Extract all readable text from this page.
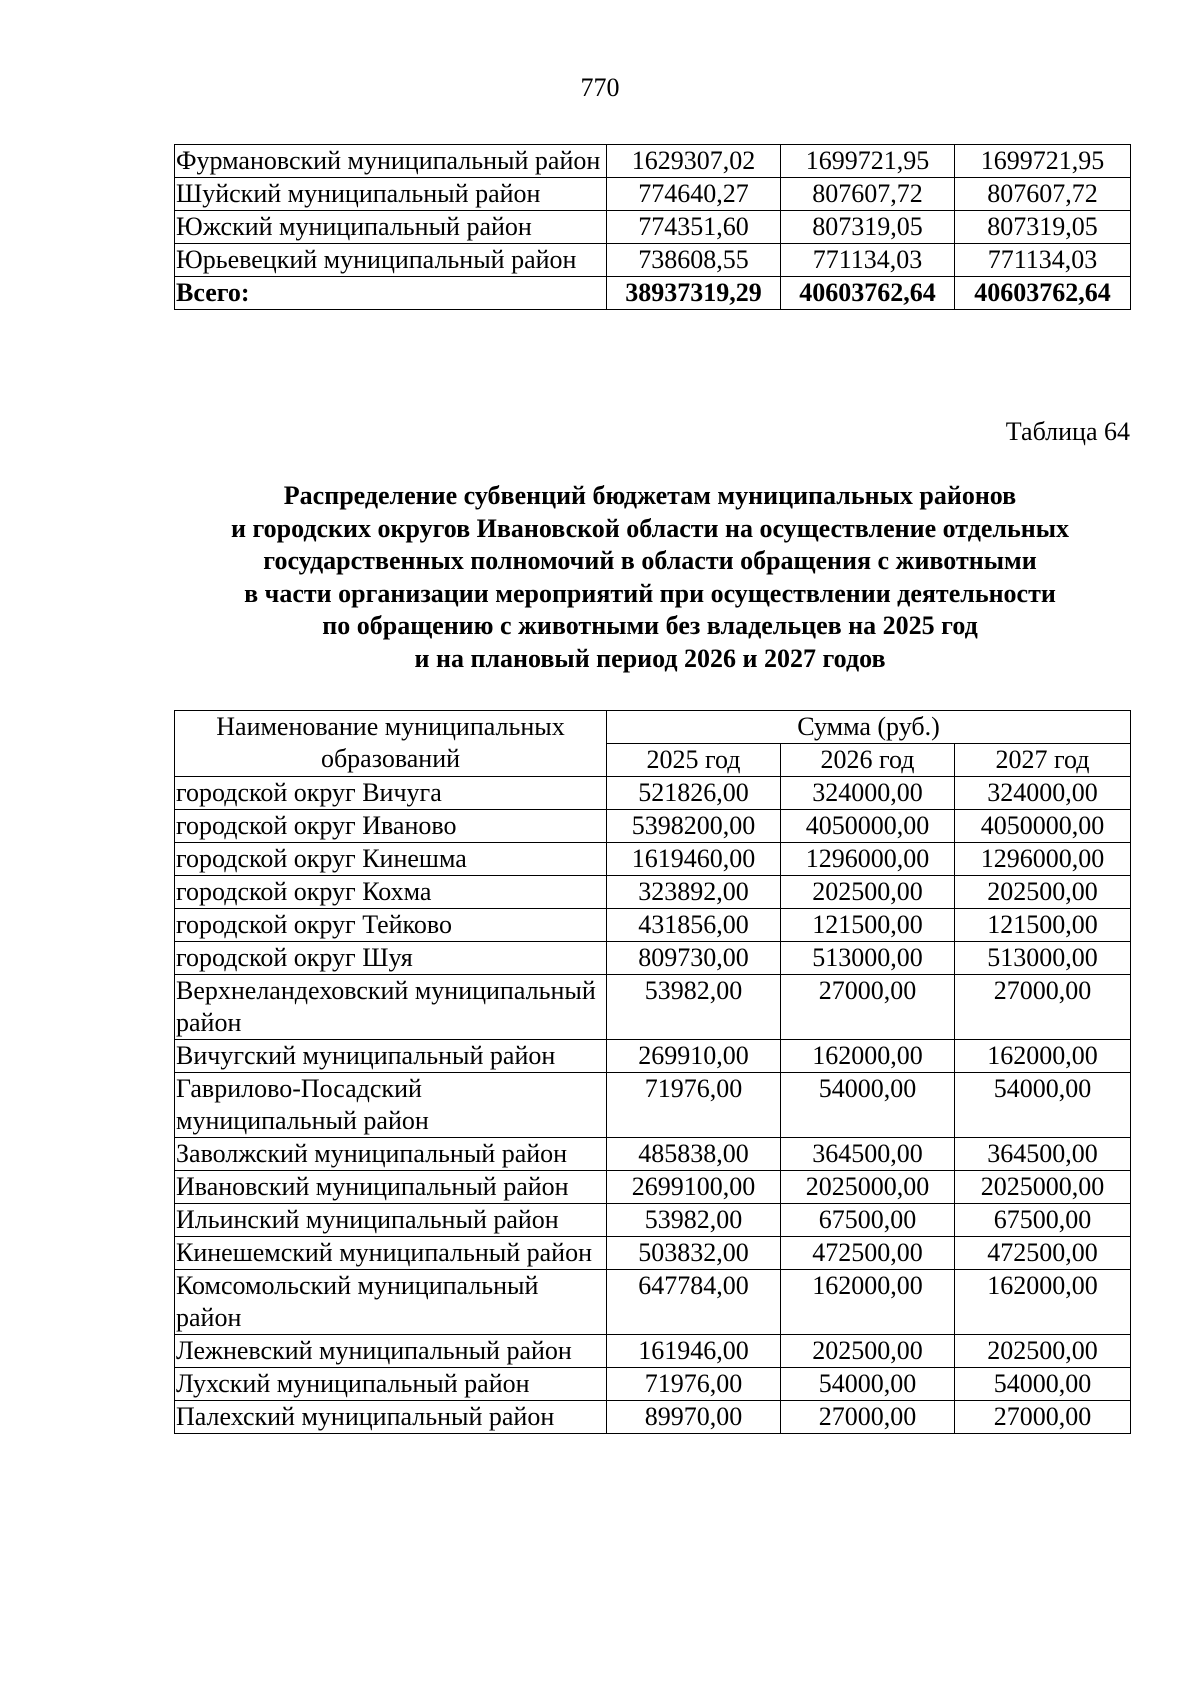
770
Фурмановский муниципальный район	1629307,02	1699721,95	1699721,95
Шуйский муниципальный район	774640,27	807607,72	807607,72
Южский муниципальный район	774351,60	807319,05	807319,05
Юрьевецкий муниципальный район	738608,55	771134,03	771134,03
Всего:	38937319,29	40603762,64	40603762,64
Таблица 64
Распределение субвенций бюджетам муниципальных районов
и городских округов Ивановской области на осуществление отдельных
государственных полномочий в области обращения с животными
в части организации мероприятий при осуществлении деятельности
по обращению с животными без владельцев на 2025 год
и на плановый период 2026 и 2027 годов
Наименование муниципальных образований	Сумма (руб.)		
	2025 год	2026 год	2027 год
городской округ Вичуга	521826,00	324000,00	324000,00
городской округ Иваново	5398200,00	4050000,00	4050000,00
городской округ Кинешма	1619460,00	1296000,00	1296000,00
городской округ Кохма	323892,00	202500,00	202500,00
городской округ Тейково	431856,00	121500,00	121500,00
городской округ Шуя	809730,00	513000,00	513000,00
Верхнеландеховский муниципальный район	53982,00	27000,00	27000,00
Вичугский муниципальный район	269910,00	162000,00	162000,00
Гаврилово-Посадский муниципальный район	71976,00	54000,00	54000,00
Заволжский муниципальный район	485838,00	364500,00	364500,00
Ивановский муниципальный район	2699100,00	2025000,00	2025000,00
Ильинский муниципальный район	53982,00	67500,00	67500,00
Кинешемский муниципальный район	503832,00	472500,00	472500,00
Комсомольский муниципальный район	647784,00	162000,00	162000,00
Лежневский муниципальный район	161946,00	202500,00	202500,00
Лухский муниципальный район	71976,00	54000,00	54000,00
Палехский муниципальный район	89970,00	27000,00	27000,00
